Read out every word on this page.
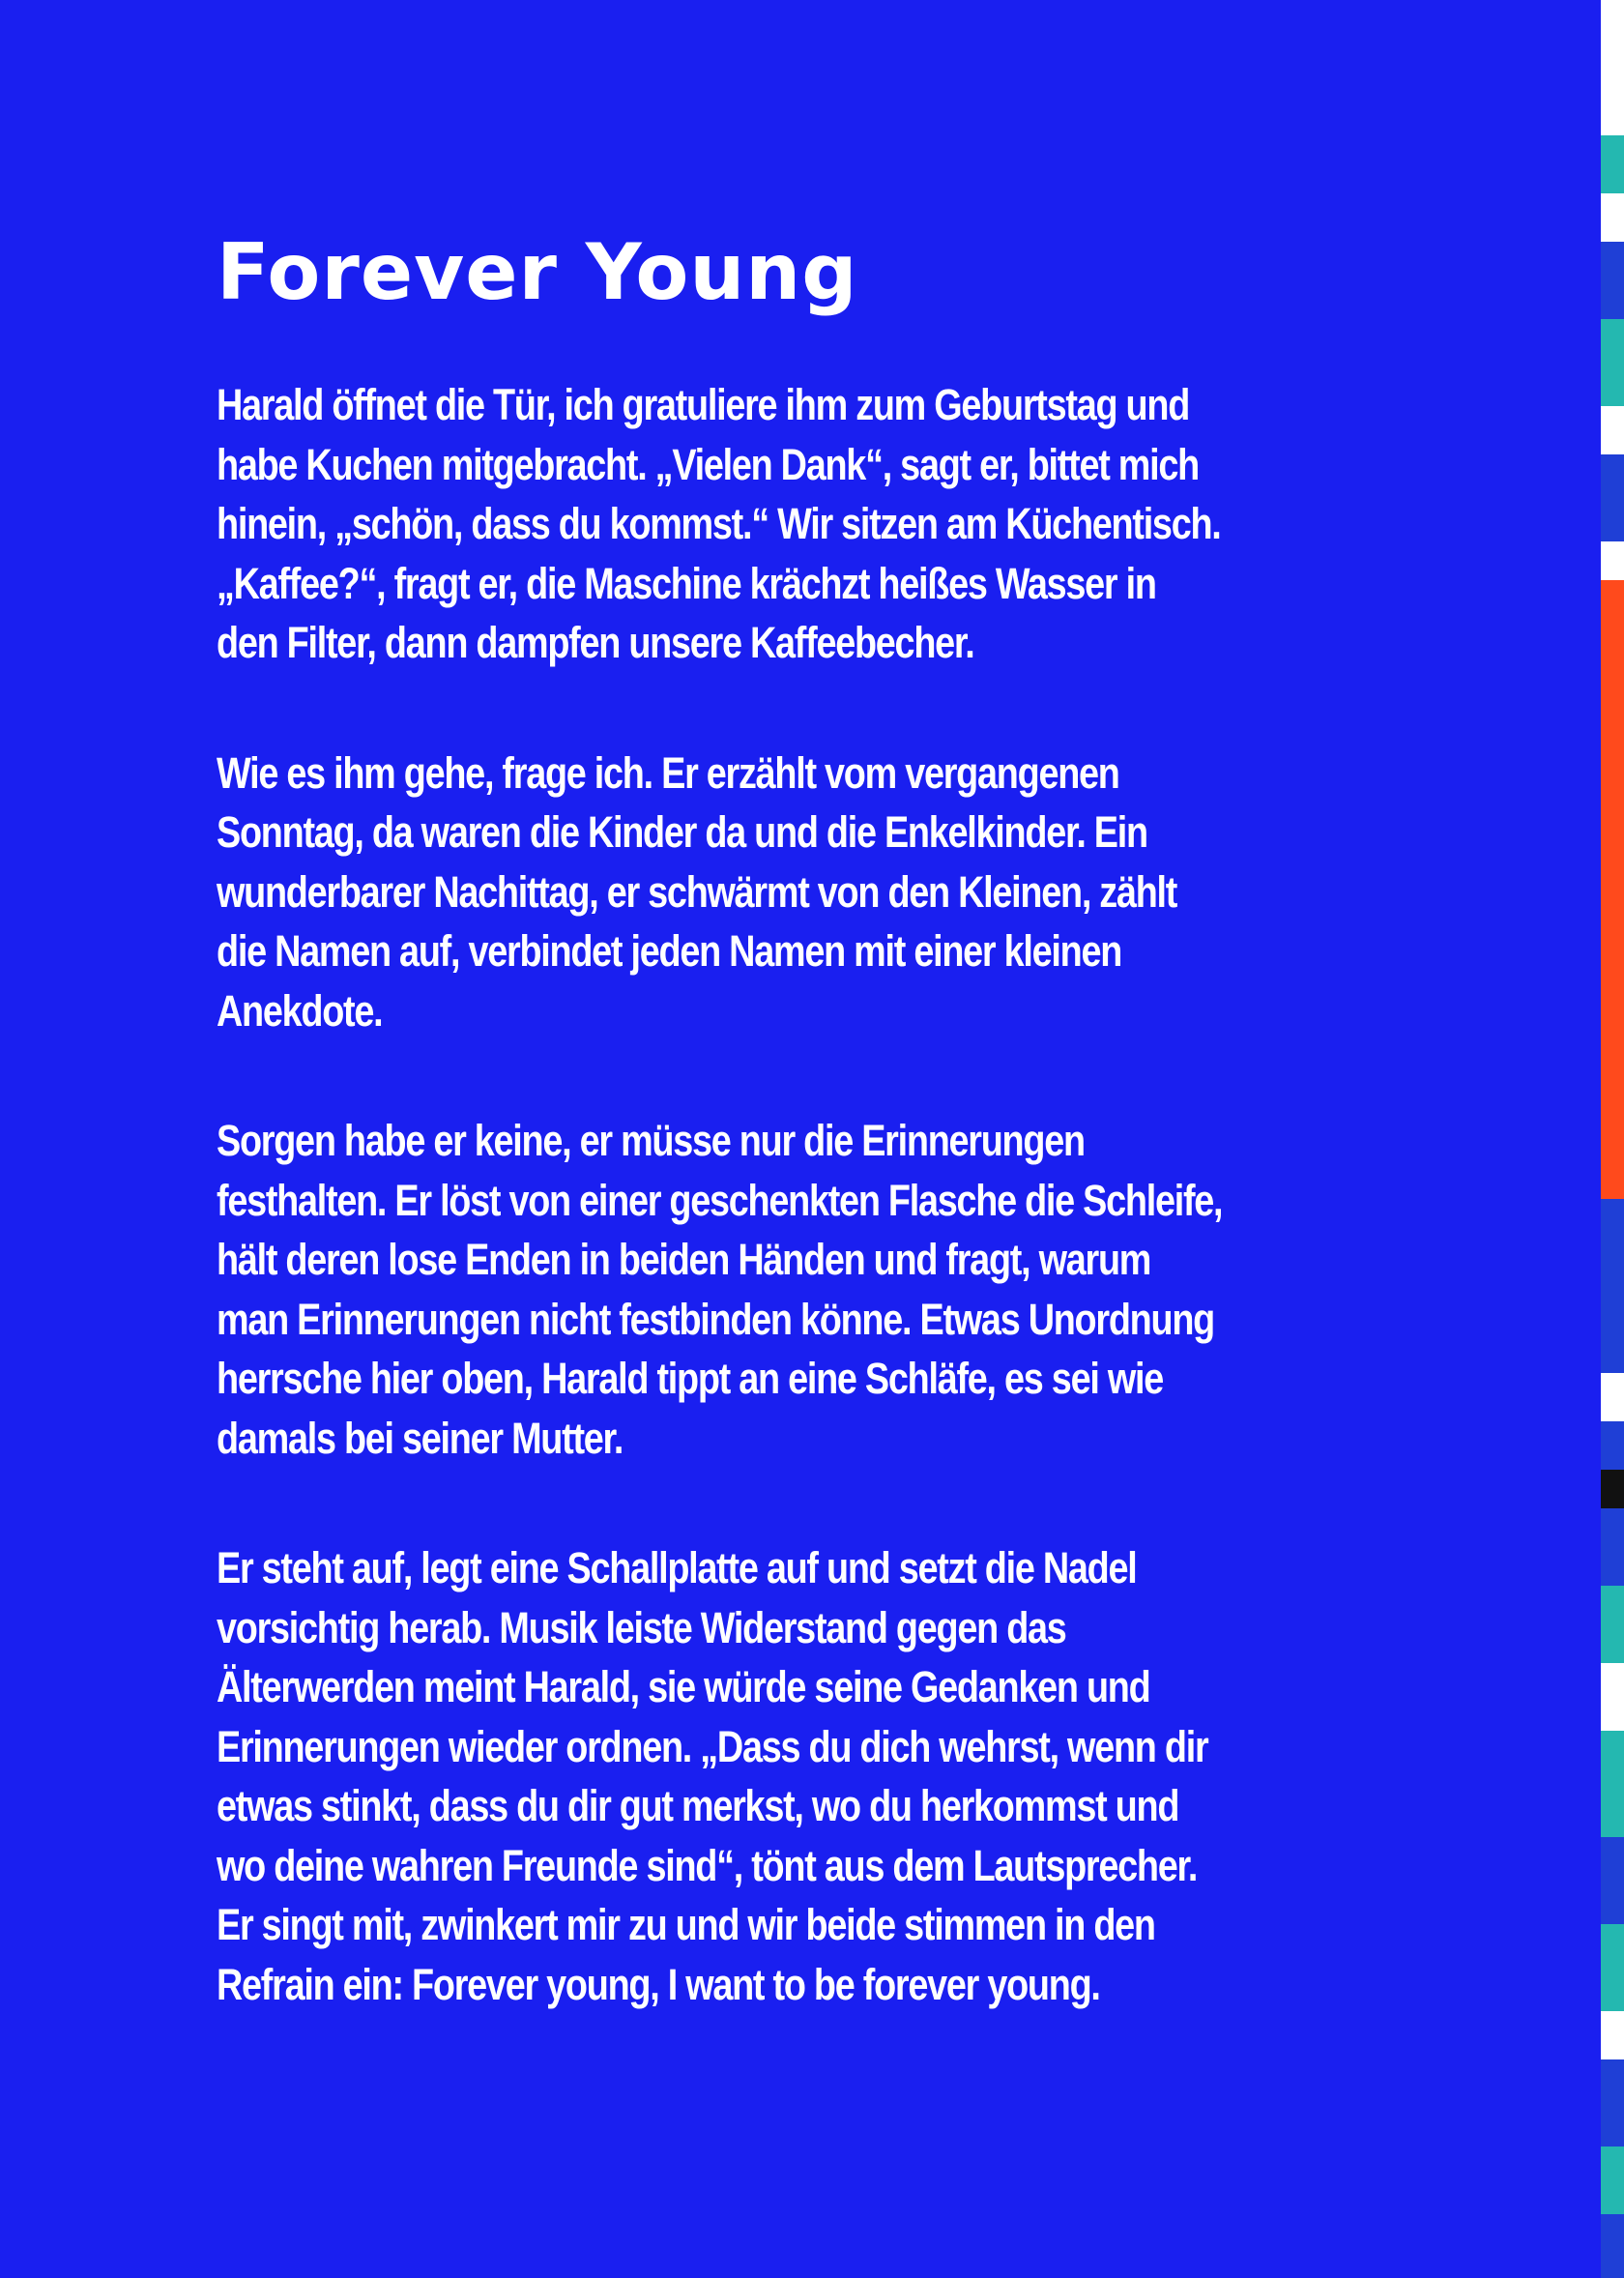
Forever Young

Harald öffnet die Tür, ich gratuliere ihm zum Geburtstag und
habe Kuchen mitgebracht. „Vielen Dank“, sagt er, bittet mich
hinein, „schön, dass du kommst.“ Wir sitzen am Küchentisch.
„Kaffee?“, fragt er, die Maschine krächzt heißes Wasser in
den Filter, dann dampfen unsere Kaffeebecher.

Wie es ihm gehe, frage ich. Er erzählt vom vergangenen
Sonntag, da waren die Kinder da und die Enkelkinder. Ein
wunderbarer Nachittag, er schwärmt von den Kleinen, zählt
die Namen auf, verbindet jeden Namen mit einer kleinen
Anekdote.

Sorgen habe er keine, er müsse nur die Erinnerungen
festhalten. Er löst von einer geschenkten Flasche die Schleife,
hält deren lose Enden in beiden Händen und fragt, warum
man Erinnerungen nicht festbinden könne. Etwas Unordnung
herrsche hier oben, Harald tippt an eine Schläfe, es sei wie
damals bei seiner Mutter.

Er steht auf, legt eine Schallplatte auf und setzt die Nadel
vorsichtig herab. Musik leiste Widerstand gegen das
Älterwerden meint Harald, sie würde seine Gedanken und
Erinnerungen wieder ordnen. „Dass du dich wehrst, wenn dir
etwas stinkt, dass du dir gut merkst, wo du herkommst und
wo deine wahren Freunde sind“, tönt aus dem Lautsprecher.
Er singt mit, zwinkert mir zu und wir beide stimmen in den
Refrain ein: Forever young, I want to be forever young.
